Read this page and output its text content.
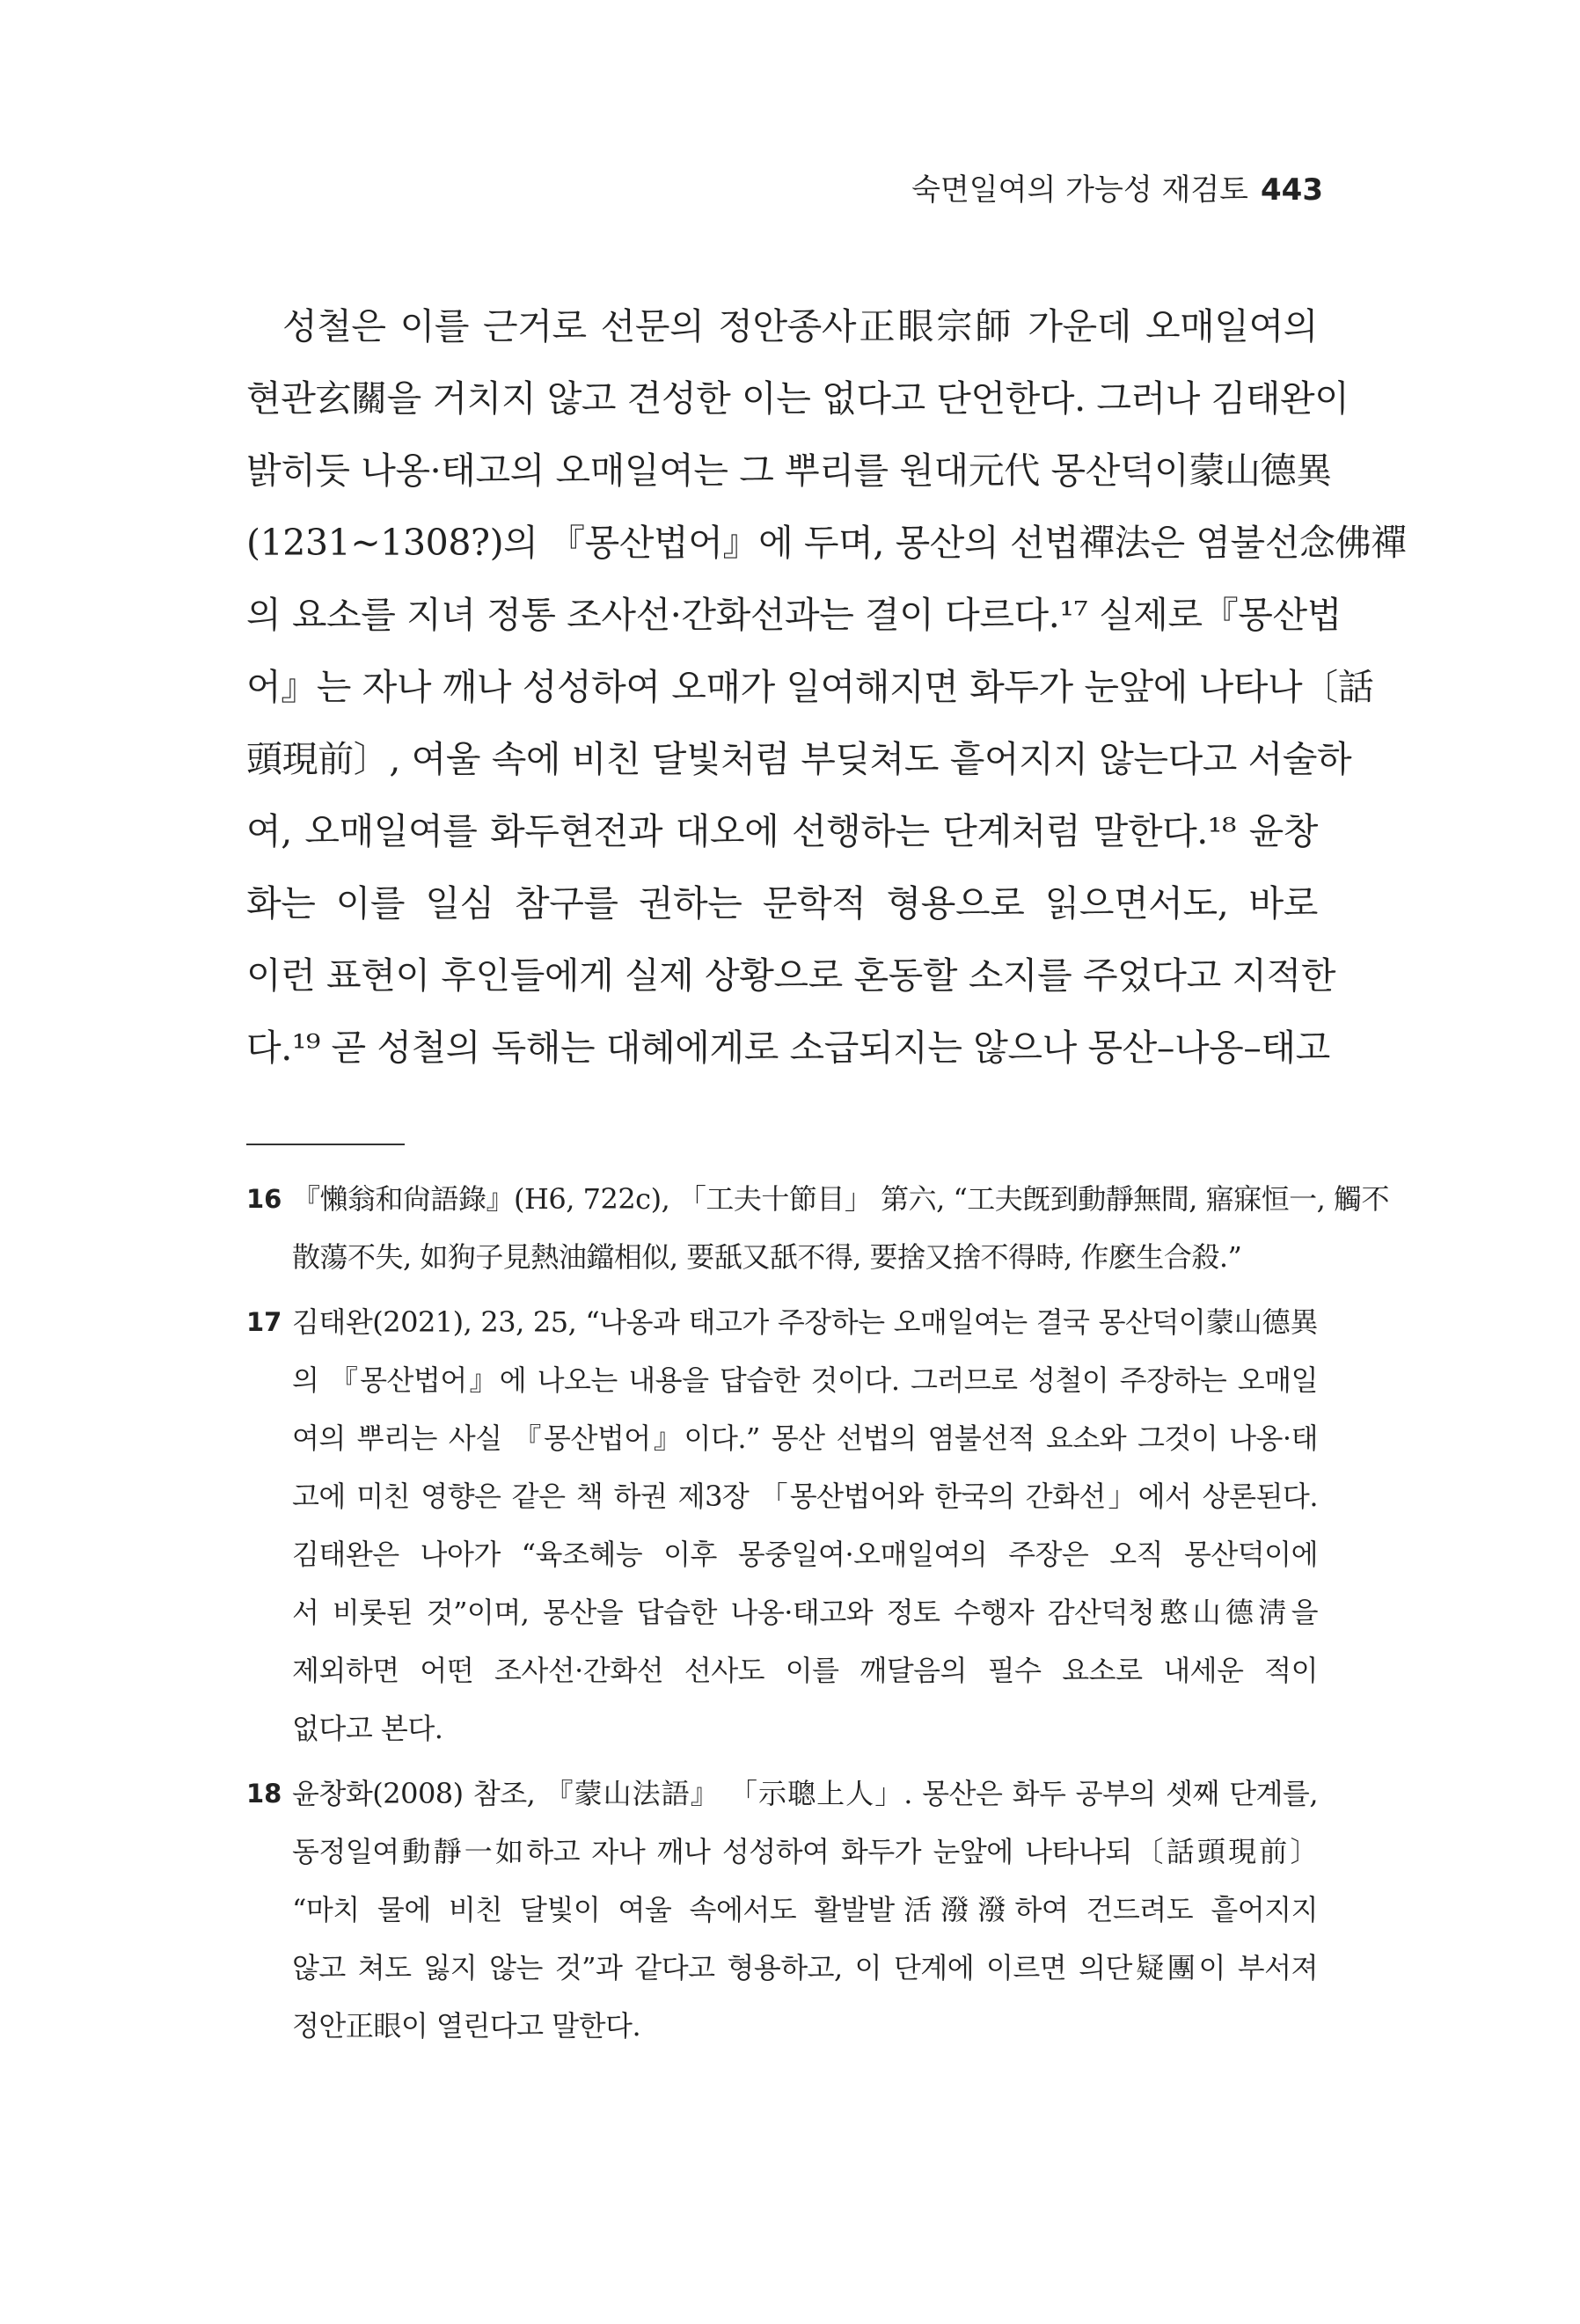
숙면일여의 가능성 재검토 443
성철은 이를 근거로 선문의 정안종사正眼宗師 가운데 오매일여의
현관玄關을 거치지 않고 견성한 이는 없다고 단언한다. 그러나 김태완이
밝히듯 나옹·태고의 오매일여는 그 뿌리를 원대元代 몽산덕이蒙山德異
(1231~1308?)의 『몽산법어』에 두며, 몽산의 선법禪法은 염불선念佛禪
의 요소를 지녀 정통 조사선·간화선과는 결이 다르다.¹⁷ 실제로『몽산법
어』는 자나 깨나 성성하여 오매가 일여해지면 화두가 눈앞에 나타나〔話
頭現前〕, 여울 속에 비친 달빛처럼 부딪쳐도 흩어지지 않는다고 서술하
여, 오매일여를 화두현전과 대오에 선행하는 단계처럼 말한다.¹⁸ 윤창
화는 이를 일심 참구를 권하는 문학적 형용으로 읽으면서도, 바로
이런 표현이 후인들에게 실제 상황으로 혼동할 소지를 주었다고 지적한
다.¹⁹ 곧 성철의 독해는 대혜에게로 소급되지는 않으나 몽산–나옹–태고
16 『懶翁和尙語錄』(H6, 722c), 「工夫十節目」 第六, “工夫旣到動靜無間, 寤寐恒一, 觸不
散蕩不失, 如狗子見熱油鐺相似, 要舐又舐不得, 要捨又捨不得時, 作麽生合殺.”
17 김태완(2021), 23, 25, “나옹과 태고가 주장하는 오매일여는 결국 몽산덕이蒙山德異
의 『몽산법어』에 나오는 내용을 답습한 것이다. 그러므로 성철이 주장하는 오매일
여의 뿌리는 사실 『몽산법어』이다.” 몽산 선법의 염불선적 요소와 그것이 나옹·태
고에 미친 영향은 같은 책 하권 제3장 「몽산법어와 한국의 간화선」에서 상론된다.
김태완은 나아가 “육조혜능 이후 몽중일여·오매일여의 주장은 오직 몽산덕이에
서 비롯된 것”이며, 몽산을 답습한 나옹·태고와 정토 수행자 감산덕청憨山德淸을
제외하면 어떤 조사선·간화선 선사도 이를 깨달음의 필수 요소로 내세운 적이
없다고 본다.
18 윤창화(2008) 참조, 『蒙山法語』 「示聰上人」. 몽산은 화두 공부의 셋째 단계를,
동정일여動靜一如하고 자나 깨나 성성하여 화두가 눈앞에 나타나되〔話頭現前〕
“마치 물에 비친 달빛이 여울 속에서도 활발발活潑潑하여 건드려도 흩어지지
않고 쳐도 잃지 않는 것”과 같다고 형용하고, 이 단계에 이르면 의단疑團이 부서져
정안正眼이 열린다고 말한다.
